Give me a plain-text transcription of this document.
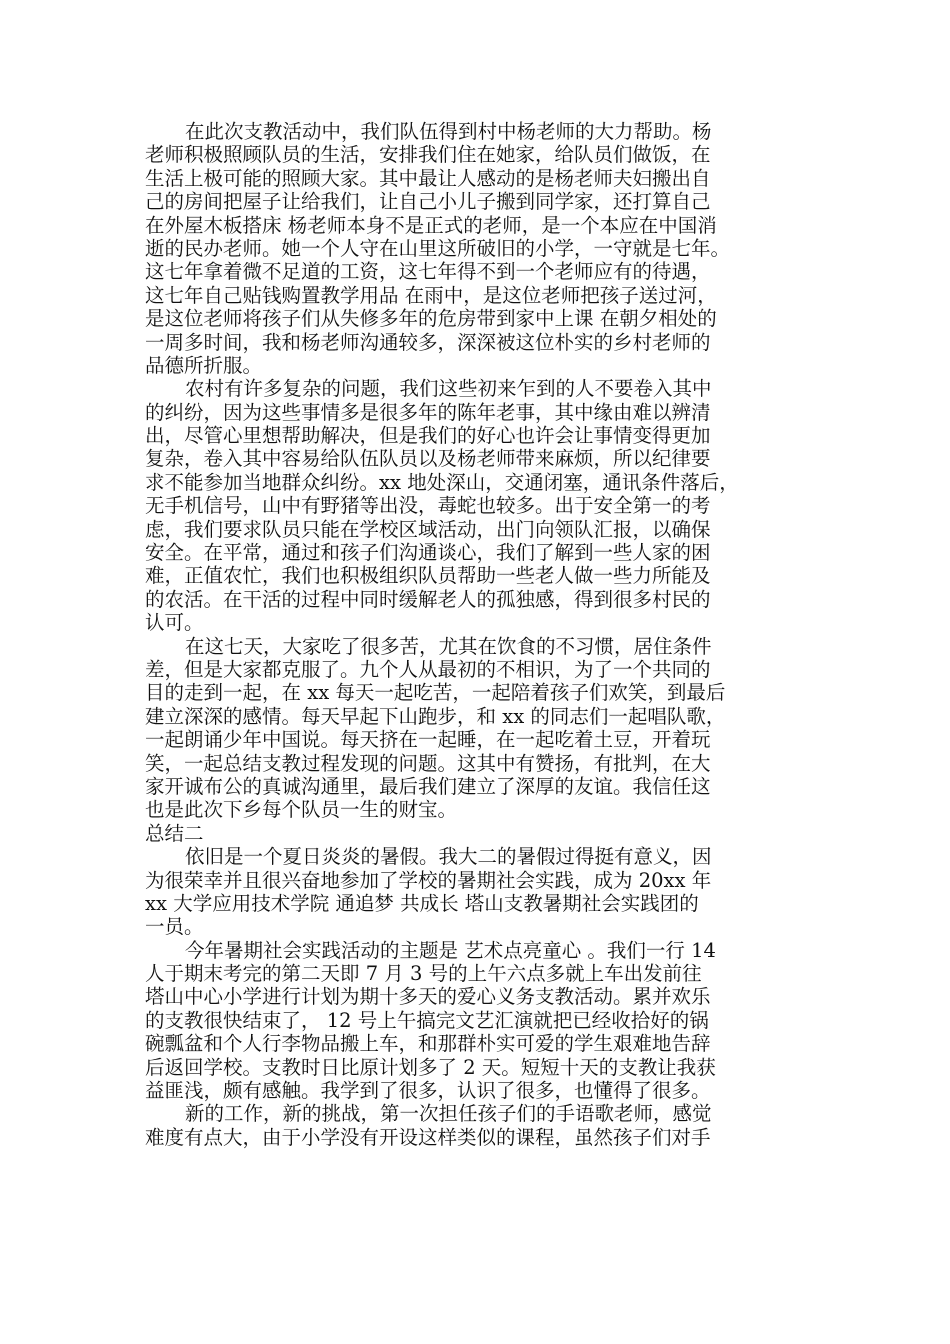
在此次支教活动中，我们队伍得到村中杨老师的大力帮助。杨
老师积极照顾队员的生活，安排我们住在她家，给队员们做饭，在
生活上极可能的照顾大家。其中最让人感动的是杨老师夫妇搬出自
己的房间把屋子让给我们，让自己小儿子搬到同学家，还打算自己
在外屋木板搭床 杨老师本身不是正式的老师，是一个本应在中国消
逝的民办老师。她一个人守在山里这所破旧的小学，一守就是七年。
这七年拿着微不足道的工资，这七年得不到一个老师应有的待遇，
这七年自己贴钱购置教学用品 在雨中，是这位老师把孩子送过河，
是这位老师将孩子们从失修多年的危房带到家中上课 在朝夕相处的
一周多时间，我和杨老师沟通较多，深深被这位朴实的乡村老师的
品德所折服。
农村有许多复杂的问题，我们这些初来乍到的人不要卷入其中
的纠纷，因为这些事情多是很多年的陈年老事，其中缘由难以辨清
出，尽管心里想帮助解决，但是我们的好心也许会让事情变得更加
复杂，卷入其中容易给队伍队员以及杨老师带来麻烦，所以纪律要
求不能参加当地群众纠纷。xx 地处深山，交通闭塞，通讯条件落后，
无手机信号，山中有野猪等出没，毒蛇也较多。出于安全第一的考
虑，我们要求队员只能在学校区域活动，出门向领队汇报，以确保
安全。在平常，通过和孩子们沟通谈心，我们了解到一些人家的困
难，正值农忙，我们也积极组织队员帮助一些老人做一些力所能及
的农活。在干活的过程中同时缓解老人的孤独感，得到很多村民的
认可。
在这七天，大家吃了很多苦，尤其在饮食的不习惯，居住条件
差，但是大家都克服了。九个人从最初的不相识，为了一个共同的
目的走到一起，在 xx 每天一起吃苦，一起陪着孩子们欢笑，到最后
建立深深的感情。每天早起下山跑步，和 xx 的同志们一起唱队歌，
一起朗诵少年中国说。每天挤在一起睡，在一起吃着土豆，开着玩
笑，一起总结支教过程发现的问题。这其中有赞扬，有批判，在大
家开诚布公的真诚沟通里，最后我们建立了深厚的友谊。我信任这
也是此次下乡每个队员一生的财宝。
总结二
依旧是一个夏日炎炎的暑假。我大二的暑假过得挺有意义，因
为很荣幸并且很兴奋地参加了学校的暑期社会实践，成为 20xx 年
xx 大学应用技术学院 通追梦 共成长 塔山支教暑期社会实践团的
一员。
今年暑期社会实践活动的主题是 艺术点亮童心 。我们一行 14
人于期末考完的第二天即 7 月 3 号的上午六点多就上车出发前往
塔山中心小学进行计划为期十多天的爱心义务支教活动。累并欢乐
的支教很快结束了， 12 号上午搞完文艺汇演就把已经收拾好的锅
碗瓢盆和个人行李物品搬上车，和那群朴实可爱的学生艰难地告辞
后返回学校。支教时日比原计划多了 2 天。短短十天的支教让我获
益匪浅，颇有感触。我学到了很多，认识了很多，也懂得了很多。
新的工作，新的挑战，第一次担任孩子们的手语歌老师，感觉
难度有点大，由于小学没有开设这样类似的课程，虽然孩子们对手
